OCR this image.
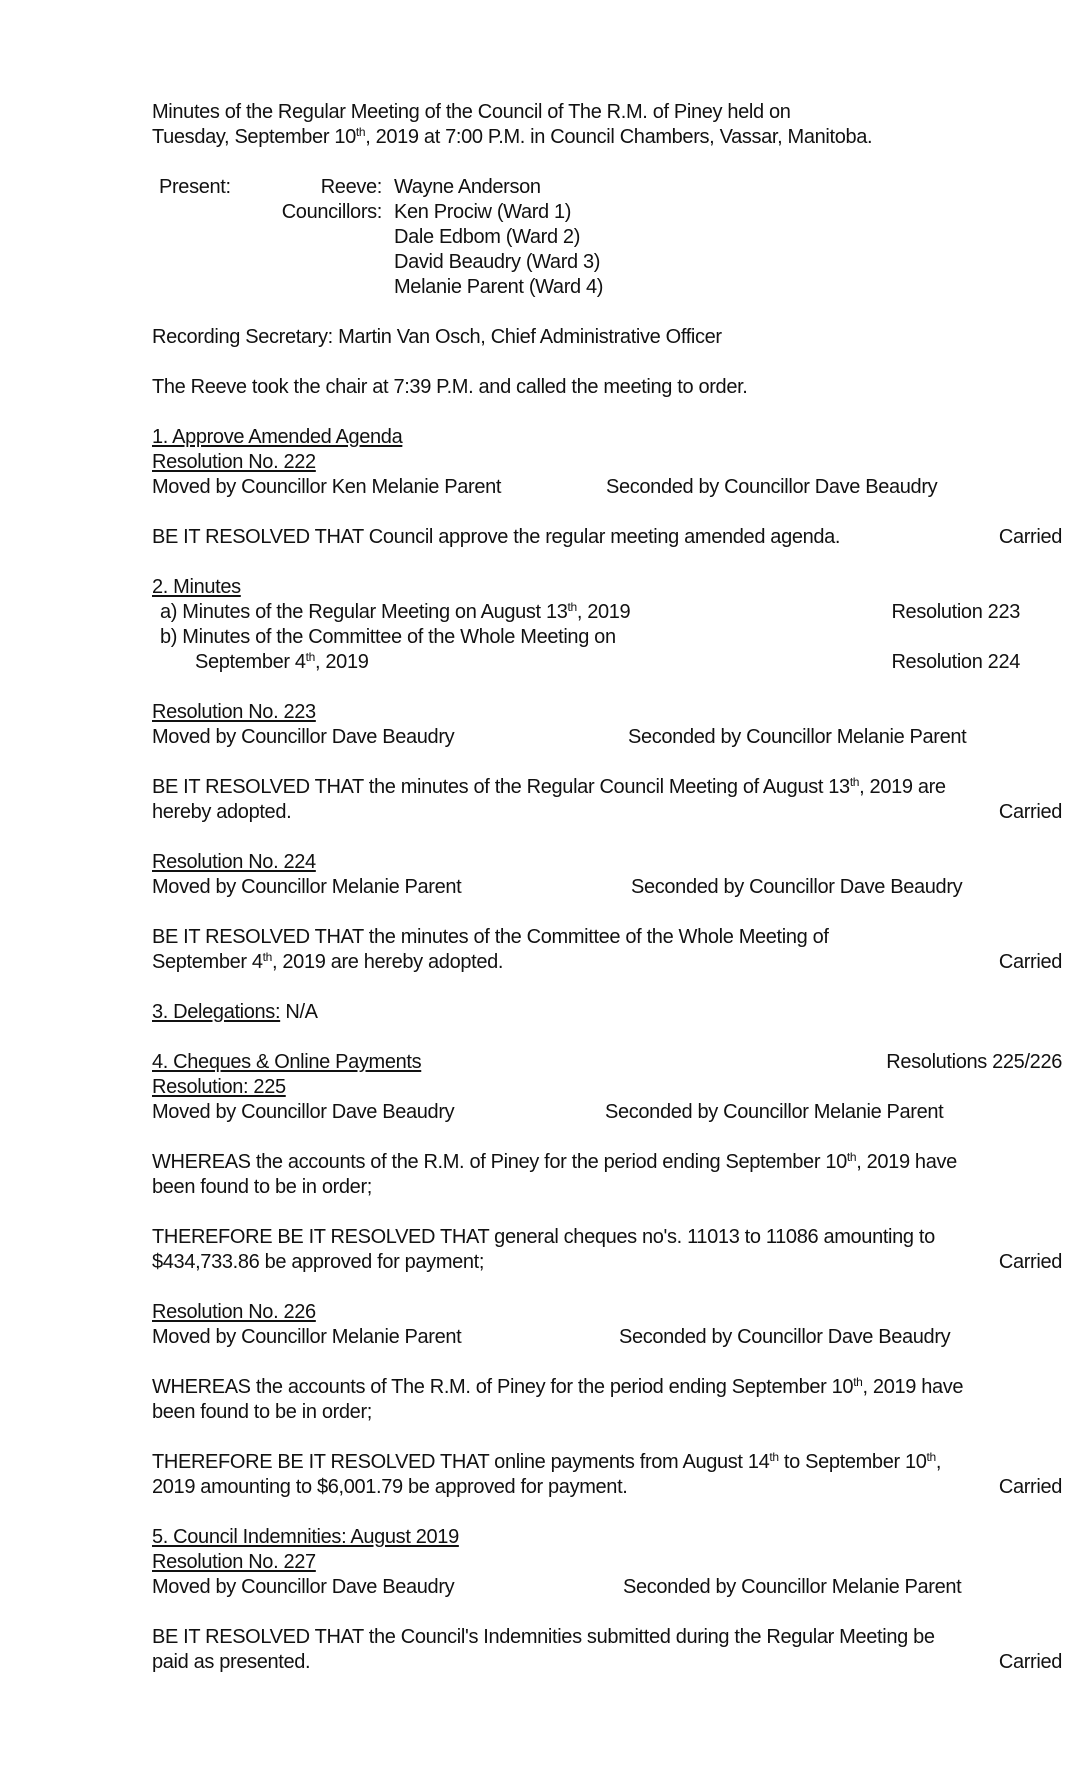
Minutes of the Regular Meeting of the Council of The R.M. of Piney held on
Tuesday, September 10th, 2019 at 7:00 P.M. in Council Chambers, Vassar, Manitoba.

Present:	Reeve: Wayne Anderson
Councillors: Ken Prociw (Ward 1)
Dale Edbom (Ward 2)
David Beaudry (Ward 3)
Melanie Parent (Ward 4)

Recording Secretary: Martin Van Osch, Chief Administrative Officer

The Reeve took the chair at 7:39 P.M. and called the meeting to order.

1. Approve Amended Agenda
Resolution No. 222
Moved by Councillor Ken Melanie Parent	Seconded by Councillor Dave Beaudry
BE IT RESOLVED THAT Council approve the regular meeting amended agenda.	Carried
2. Minutes
a) Minutes of the Regular Meeting on August 13th, 2019	Resolution 223
b) Minutes of the Committee of the Whole Meeting on
September 4th, 2019	Resolution 224
Resolution No. 223
Moved by Councillor Dave Beaudry	Seconded by Councillor Melanie Parent
BE IT RESOLVED THAT the minutes of the Regular Council Meeting of August 13th, 2019 are
hereby adopted.	Carried
Resolution No. 224
Moved by Councillor Melanie Parent	Seconded by Councillor Dave Beaudry
BE IT RESOLVED THAT the minutes of the Committee of the Whole Meeting of
September 4th, 2019 are hereby adopted.	Carried
3. Delegations: N/A
4. Cheques & Online Payments	Resolutions 225/226
Resolution: 225
Moved by Councillor Dave Beaudry	Seconded by Councillor Melanie Parent
WHEREAS the accounts of the R.M. of Piney for the period ending September 10th, 2019 have
been found to be in order;
THEREFORE BE IT RESOLVED THAT general cheques no's. 11013 to 11086 amounting to
$434,733.86 be approved for payment;	Carried
Resolution No. 226
Moved by Councillor Melanie Parent	Seconded by Councillor Dave Beaudry
WHEREAS the accounts of The R.M. of Piney for the period ending September 10th, 2019 have
been found to be in order;
THEREFORE BE IT RESOLVED THAT online payments from August 14th to September 10th,
2019 amounting to $6,001.79 be approved for payment.	Carried
5. Council Indemnities: August 2019
Resolution No. 227
Moved by Councillor Dave Beaudry	Seconded by Councillor Melanie Parent
BE IT RESOLVED THAT the Council's Indemnities submitted during the Regular Meeting be
paid as presented.	Carried
